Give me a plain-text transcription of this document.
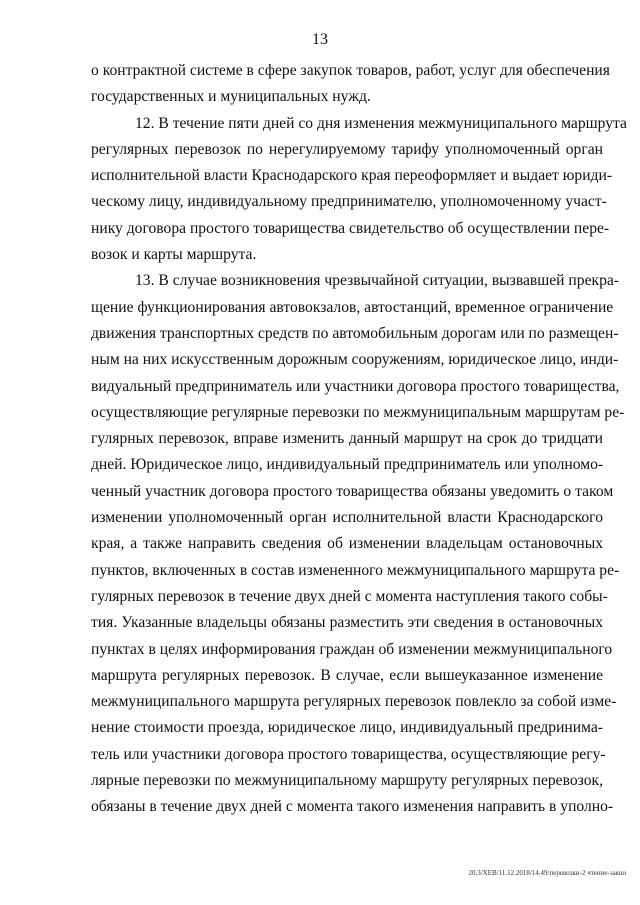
13
о контрактной системе в сфере закупок товаров, работ, услуг для обеспечения
государственных и муниципальных нужд.
12. В течение пяти дней со дня изменения межмуниципального маршрута
регулярных перевозок по нерегулируемому тарифу уполномоченный орган
исполнительной власти Краснодарского края переоформляет и выдает юриди-
ческому лицу, индивидуальному предпринимателю, уполномоченному участ-
нику договора простого товарищества свидетельство об осуществлении пере-
возок и карты маршрута.
13. В случае возникновения чрезвычайной ситуации, вызвавшей прекра-
щение функционирования автовокзалов, автостанций, временное ограничение
движения транспортных средств по автомобильным дорогам или по размещен-
ным на них искусственным дорожным сооружениям, юридическое лицо, инди-
видуальный предприниматель или участники договора простого товарищества,
осуществляющие регулярные перевозки по межмуниципальным маршрутам ре-
гулярных перевозок, вправе изменить данный маршрут на срок до тридцати
дней. Юридическое лицо, индивидуальный предприниматель или уполномо-
ченный участник договора простого товарищества обязаны уведомить о таком
изменении уполномоченный орган исполнительной власти Краснодарского
края, а также направить сведения об изменении владельцам остановочных
пунктов, включенных в состав измененного межмуниципального маршрута ре-
гулярных перевозок в течение двух дней с момента наступления такого собы-
тия. Указанные владельцы обязаны разместить эти сведения в остановочных
пунктах в целях информирования граждан об изменении межмуниципального
маршрута регулярных перевозок. В случае, если вышеуказанное изменение
межмуниципального маршрута регулярных перевозок повлекло за собой изме-
нение стоимости проезда, юридическое лицо, индивидуальный предринима-
тель или участники договора простого товарищества, осуществляющие регу-
лярные перевозки по межмуниципальному маршруту регулярных перевозок,
обязаны в течение двух дней с момента такого изменения направить в уполно-
20.3/ХЕВ/11.12.2018/14.49/перевозки-2 чтение-закон
